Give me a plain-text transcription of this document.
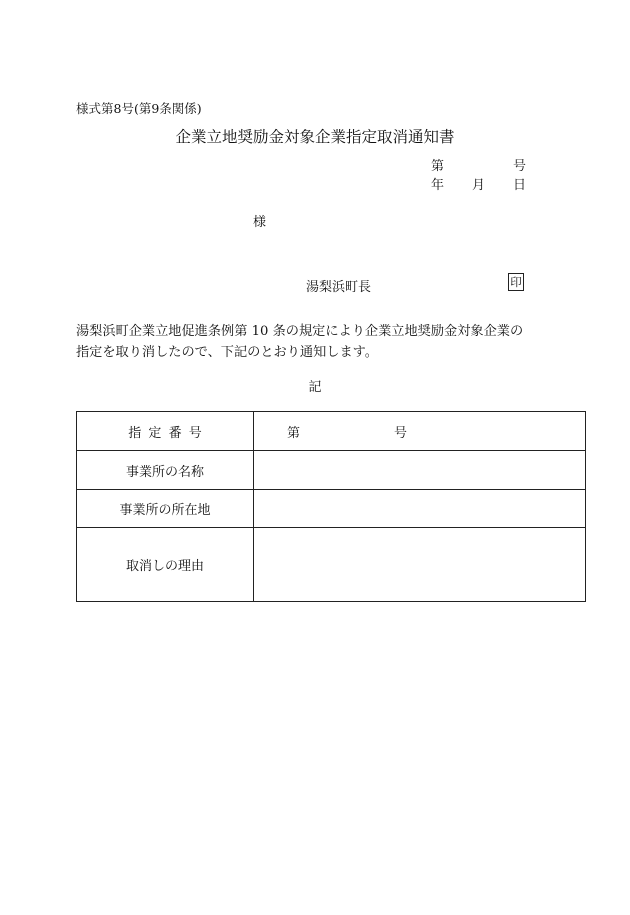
様式第8号(第9条関係)
企業立地奨励金対象企業指定取消通知書
第	号
年 月 日
様
湯梨浜町長	印
湯梨浜町企業立地促進条例第 10 条の規定により企業立地奨励金対象企業の
指定を取り消したので、下記のとおり通知します。
記
指定番号	第 号
事業所の名称	
事業所の所在地	
取消しの理由	
